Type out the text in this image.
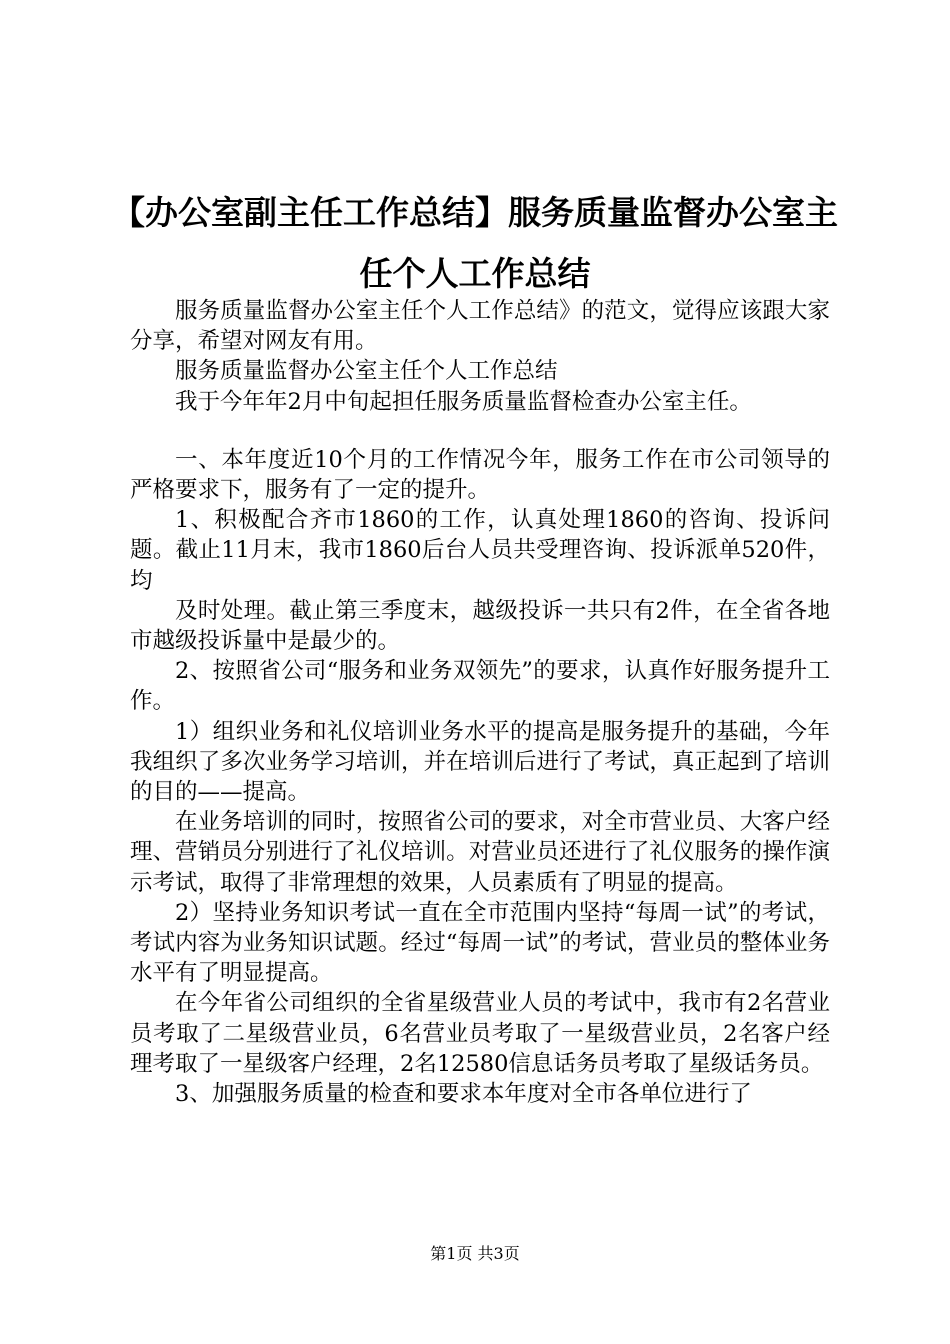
【办公室副主任工作总结】服务质量监督办公室主任个人工作总结

服务质量监督办公室主任个人工作总结》的范文，觉得应该跟大家分享，希望对网友有用。

服务质量监督办公室主任个人工作总结

我于今年年2月中旬起担任服务质量监督检查办公室主任。

一、本年度近10个月的工作情况今年，服务工作在市公司领导的严格要求下，服务有了一定的提升。

1、积极配合齐市1860的工作，认真处理1860的咨询、投诉问题。截止11月末，我市1860后台人员共受理咨询、投诉派单520件，均

及时处理。截止第三季度末，越级投诉一共只有2件，在全省各地市越级投诉量中是最少的。

2、按照省公司“服务和业务双领先”的要求，认真作好服务提升工作。

1）组织业务和礼仪培训业务水平的提高是服务提升的基础，今年我组织了多次业务学习培训，并在培训后进行了考试，真正起到了培训的目的——提高。

在业务培训的同时，按照省公司的要求，对全市营业员、大客户经理、营销员分别进行了礼仪培训。对营业员还进行了礼仪服务的操作演示考试，取得了非常理想的效果，人员素质有了明显的提高。

2）坚持业务知识考试一直在全市范围内坚持“每周一试”的考试，考试内容为业务知识试题。经过“每周一试”的考试，营业员的整体业务水平有了明显提高。

在今年省公司组织的全省星级营业人员的考试中，我市有2名营业员考取了二星级营业员，6名营业员考取了一星级营业员，2名客户经理考取了一星级客户经理，2名12580信息话务员考取了星级话务员。

3、加强服务质量的检查和要求本年度对全市各单位进行了

第1页 共3页
